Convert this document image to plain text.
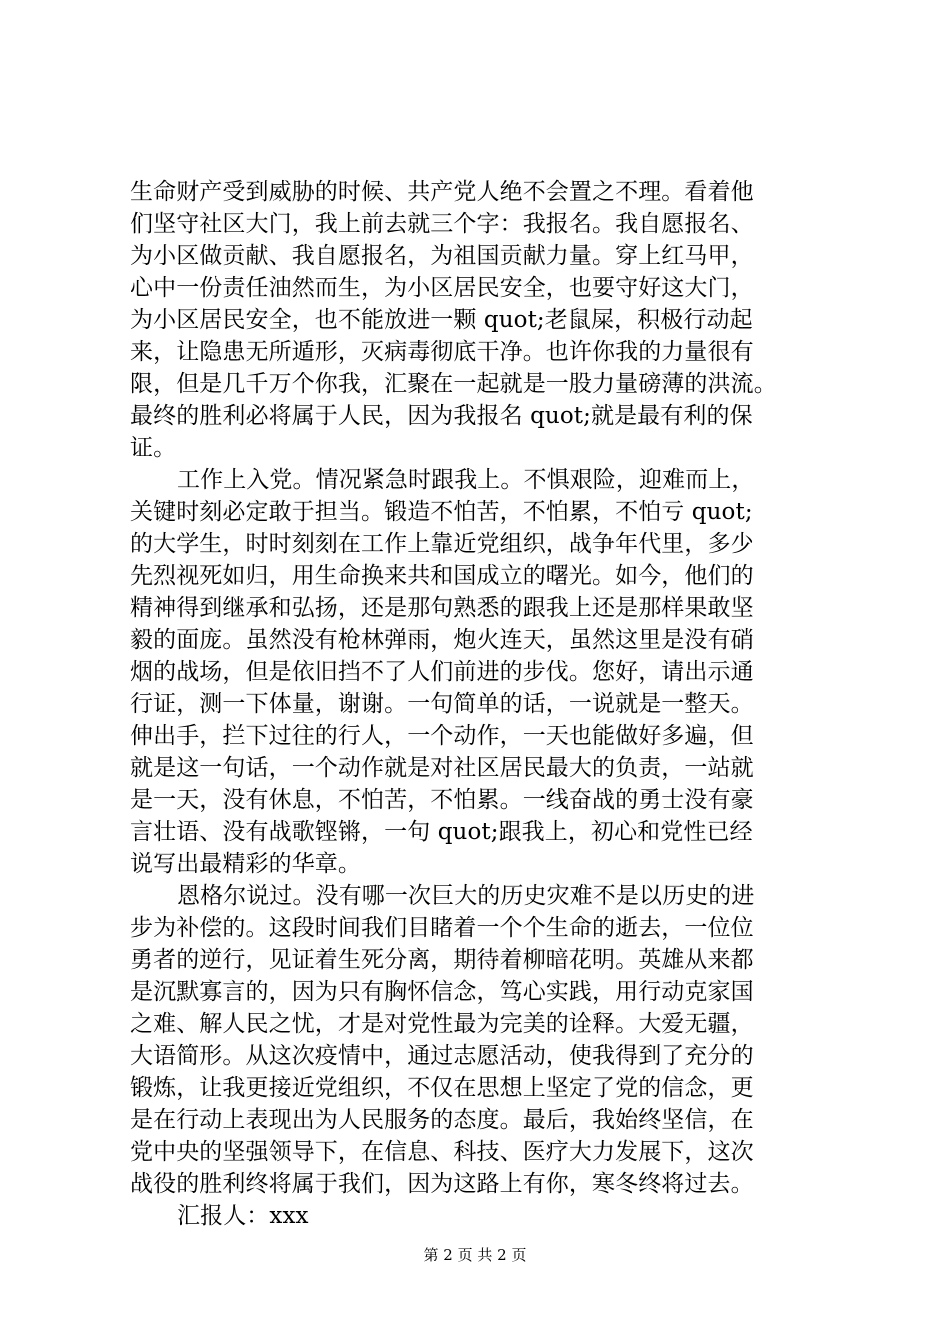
生命财产受到威胁的时候、共产党人绝不会置之不理。看着他
们坚守社区大门，我上前去就三个字：我报名。我自愿报名、
为小区做贡献、我自愿报名，为祖国贡献力量。穿上红马甲，
心中一份责任油然而生，为小区居民安全，也要守好这大门，
为小区居民安全，也不能放进一颗 quot;老鼠屎，积极行动起
来，让隐患无所遁形，灭病毒彻底干净。也许你我的力量很有
限，但是几千万个你我，汇聚在一起就是一股力量磅薄的洪流。
最终的胜利必将属于人民，因为我报名 quot;就是最有利的保
证。
工作上入党。情况紧急时跟我上。不惧艰险，迎难而上，
关键时刻必定敢于担当。锻造不怕苦，不怕累，不怕亏 quot;
的大学生，时时刻刻在工作上靠近党组织，战争年代里，多少
先烈视死如归，用生命换来共和国成立的曙光。如今，他们的
精神得到继承和弘扬，还是那句熟悉的跟我上还是那样果敢坚
毅的面庞。虽然没有枪林弹雨，炮火连天，虽然这里是没有硝
烟的战场，但是依旧挡不了人们前进的步伐。您好，请出示通
行证，测一下体量，谢谢。一句简单的话，一说就是一整天。
伸出手，拦下过往的行人，一个动作，一天也能做好多遍，但
就是这一句话，一个动作就是对社区居民最大的负责，一站就
是一天，没有休息，不怕苦，不怕累。一线奋战的勇士没有豪
言壮语、没有战歌铿锵，一句 quot;跟我上，初心和党性已经
说写出最精彩的华章。
恩格尔说过。没有哪一次巨大的历史灾难不是以历史的进
步为补偿的。这段时间我们目睹着一个个生命的逝去，一位位
勇者的逆行，见证着生死分离，期待着柳暗花明。英雄从来都
是沉默寡言的，因为只有胸怀信念，笃心实践，用行动克家国
之难、解人民之忧，才是对党性最为完美的诠释。大爱无疆，
大语简形。从这次疫情中，通过志愿活动，使我得到了充分的
锻炼，让我更接近党组织，不仅在思想上坚定了党的信念，更
是在行动上表现出为人民服务的态度。最后，我始终坚信，在
党中央的坚强领导下，在信息、科技、医疗大力发展下，这次
战役的胜利终将属于我们，因为这路上有你，寒冬终将过去。
汇报人：xxx
第 2 页 共 2 页
